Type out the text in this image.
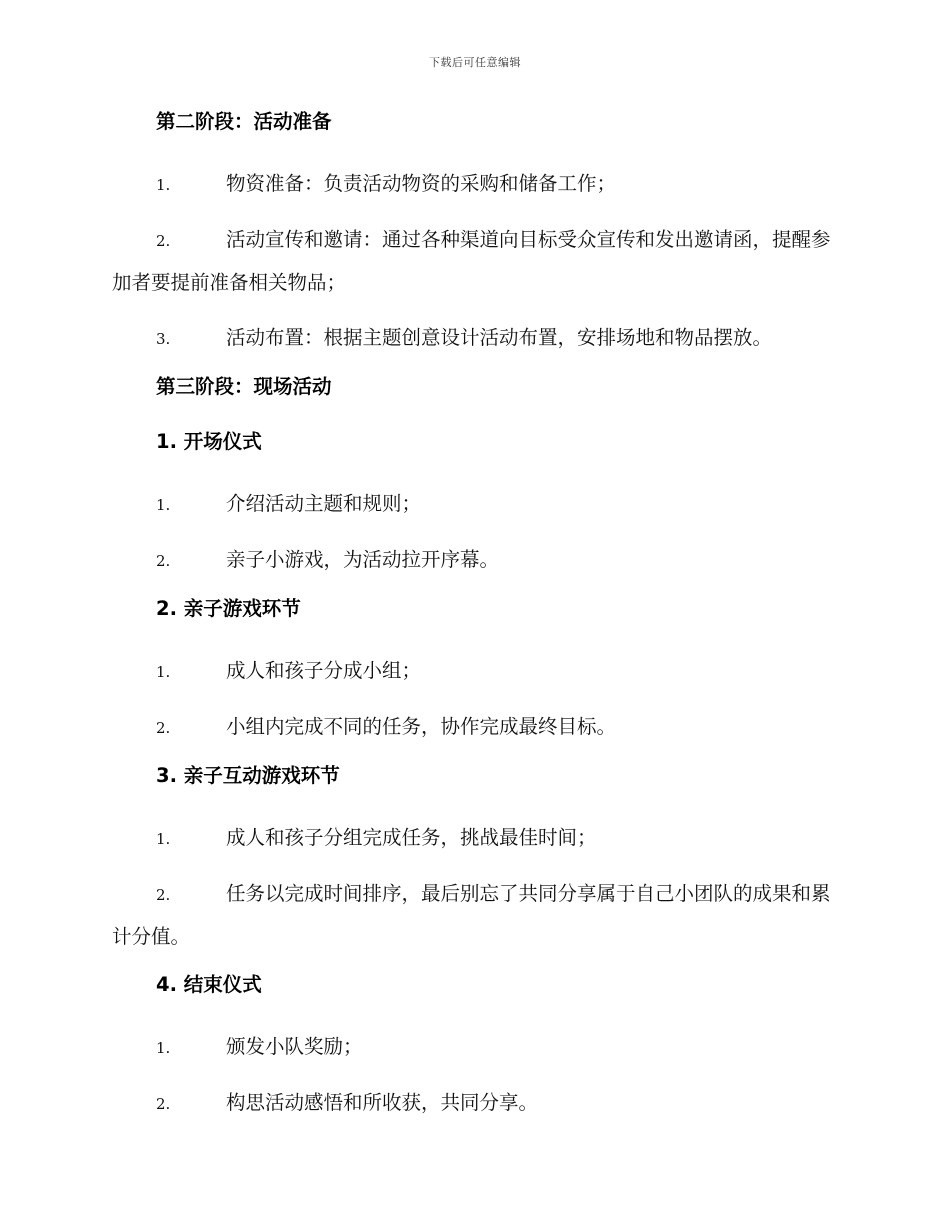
下载后可任意编辑
第二阶段：活动准备
1.	物资准备：负责活动物资的采购和储备工作；
2.	活动宣传和邀请：通过各种渠道向目标受众宣传和发出邀请函，提醒参加者要提前准备相关物品；
3.	活动布置：根据主题创意设计活动布置，安排场地和物品摆放。
第三阶段：现场活动
1. 开场仪式
1.	介绍活动主题和规则；
2.	亲子小游戏，为活动拉开序幕。
2. 亲子游戏环节
1.	成人和孩子分成小组；
2.	小组内完成不同的任务，协作完成最终目标。
3. 亲子互动游戏环节
1.	成人和孩子分组完成任务，挑战最佳时间；
2.	任务以完成时间排序，最后别忘了共同分享属于自己小团队的成果和累计分值。
4. 结束仪式
1.	颁发小队奖励；
2.	构思活动感悟和所收获，共同分享。
